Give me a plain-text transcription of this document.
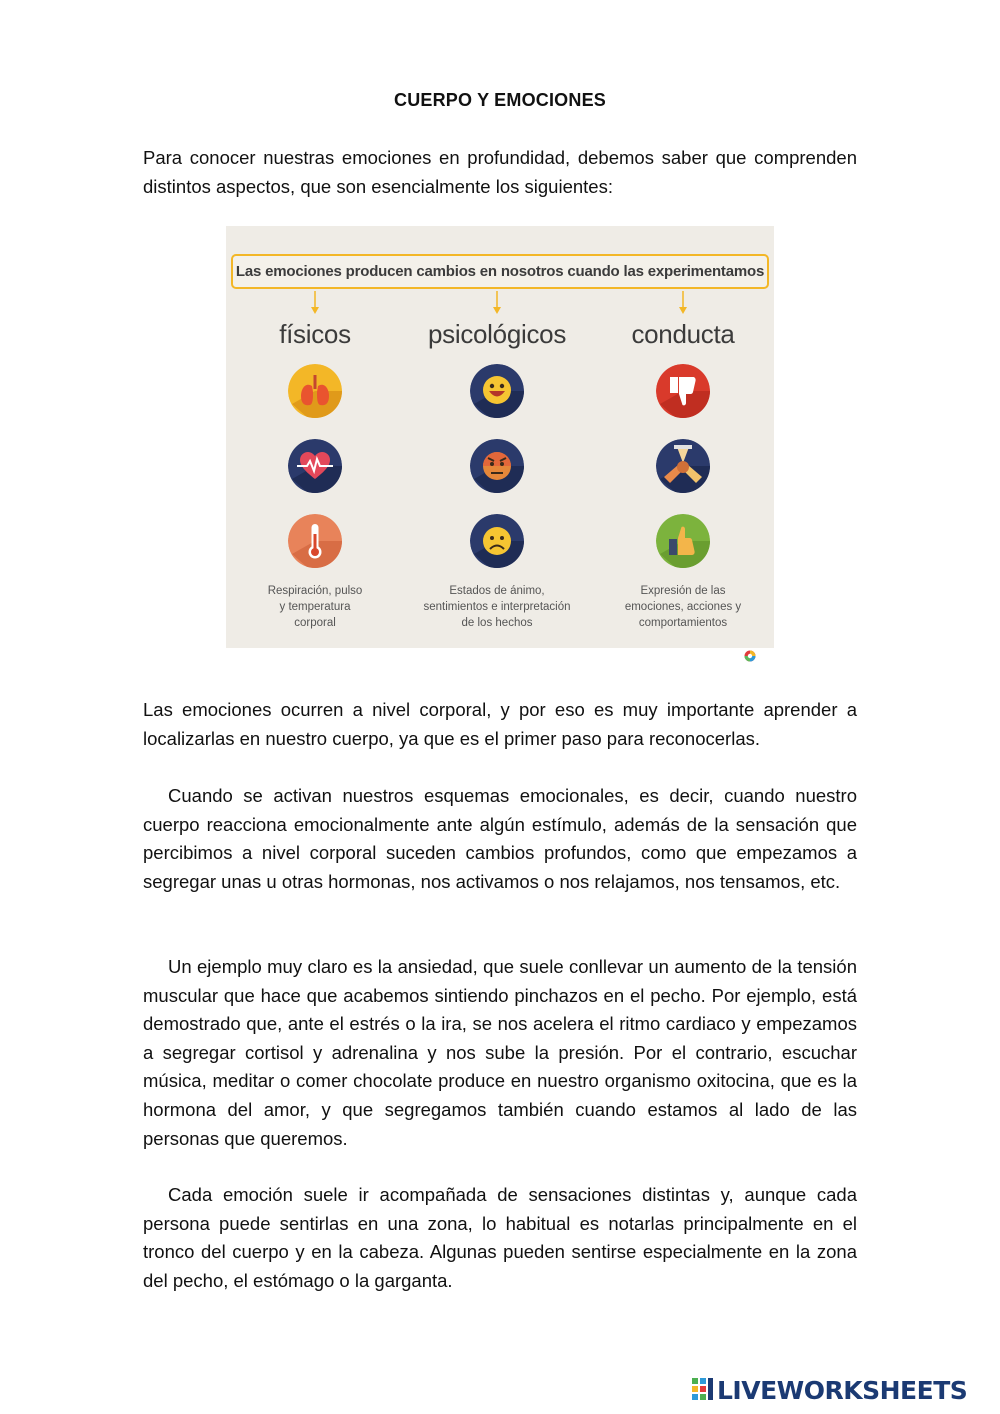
CUERPO Y EMOCIONES
Para conocer nuestras emociones en profundidad, debemos saber que comprenden distintos aspectos, que son esencialmente los siguientes:
Las emociones producen cambios en nosotros cuando las experimentamos
físicos
Respiración, pulso
y temperatura
corporal
psicológicos
Estados de ánimo,
sentimientos e interpretación
de los hechos
conducta
Expresión de las
emociones, acciones y
comportamientos
Las emociones ocurren a nivel corporal, y por eso es muy importante aprender a localizarlas en nuestro cuerpo, ya que es el primer paso para reconocerlas.
Cuando se activan nuestros esquemas emocionales, es decir, cuando nuestro cuerpo reacciona emocionalmente ante algún estímulo, además de la sensación que percibimos a nivel corporal suceden cambios profundos, como que empezamos a segregar unas u otras hormonas, nos activamos o nos relajamos, nos tensamos, etc.
Un ejemplo muy claro es la ansiedad, que suele conllevar un aumento de la tensión muscular que hace que acabemos sintiendo pinchazos en el pecho. Por ejemplo, está demostrado que, ante el estrés o la ira, se nos acelera el ritmo cardiaco y empezamos a segregar cortisol y adrenalina y nos sube la presión. Por el contrario, escuchar música, meditar o comer chocolate produce en nuestro organismo oxitocina, que es la hormona del amor, y que segregamos también cuando estamos al lado de las personas que queremos.
Cada emoción suele ir acompañada de sensaciones distintas y, aunque cada persona puede sentirlas en una zona, lo habitual es notarlas principalmente en el tronco del cuerpo y en la cabeza. Algunas pueden sentirse especialmente en la zona del pecho, el estómago o la garganta.
LIVEWORKSHEETS
